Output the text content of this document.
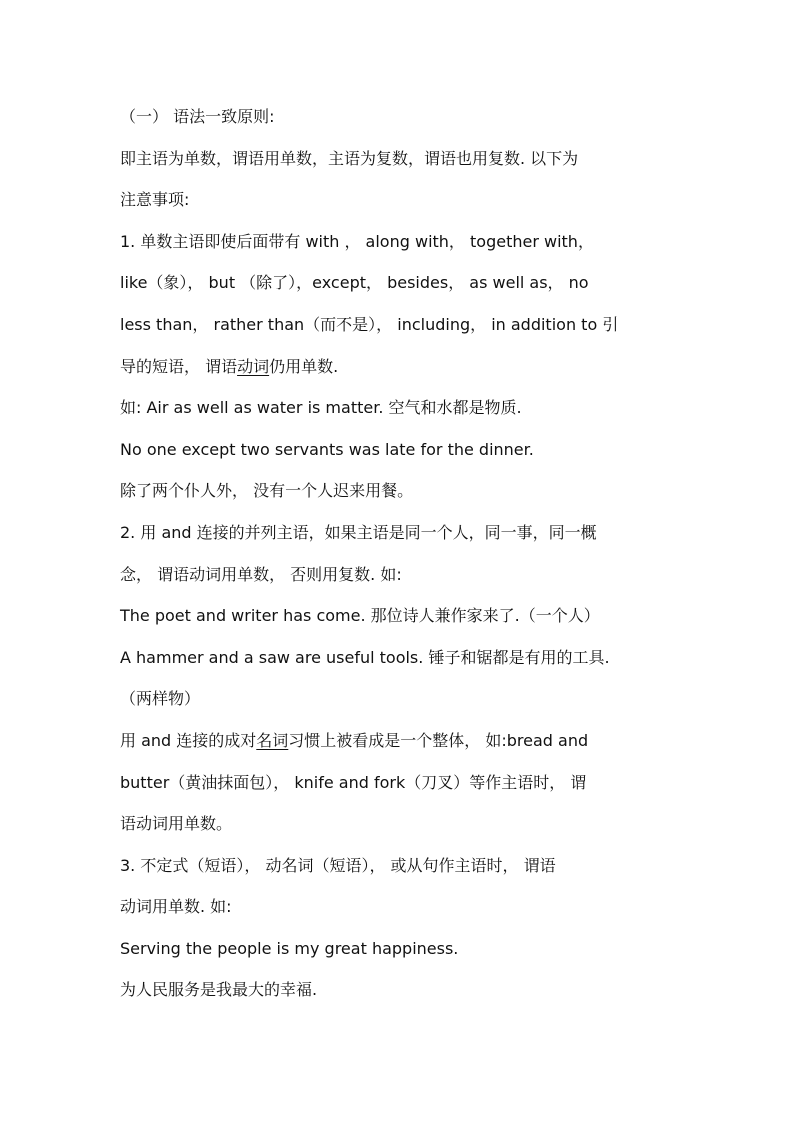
（一） 语法一致原则:
即主语为单数，谓语用单数，主语为复数，谓语也用复数. 以下为
注意事项:
1. 单数主语即使后面带有 with ， along with， together with，
like（象）， but （除了），except， besides， as well as， no
less than， rather than（而不是）， including， in addition to 引
导的短语， 谓语动词仍用单数.
如: Air as well as water is matter. 空气和水都是物质.
No one except two servants was late for the dinner.
除了两个仆人外， 没有一个人迟来用餐。
2. 用 and 连接的并列主语，如果主语是同一个人，同一事，同一概
念， 谓语动词用单数， 否则用复数. 如:
The poet and writer has come. 那位诗人兼作家来了.（一个人）
A hammer and a saw are useful tools. 锤子和锯都是有用的工具.
（两样物）
用 and 连接的成对名词习惯上被看成是一个整体， 如:bread and
butter（黄油抹面包）， knife and fork（刀叉）等作主语时， 谓
语动词用单数。
3. 不定式（短语）， 动名词（短语）， 或从句作主语时， 谓语
动词用单数. 如:
Serving the people is my great happiness.
为人民服务是我最大的幸福.
